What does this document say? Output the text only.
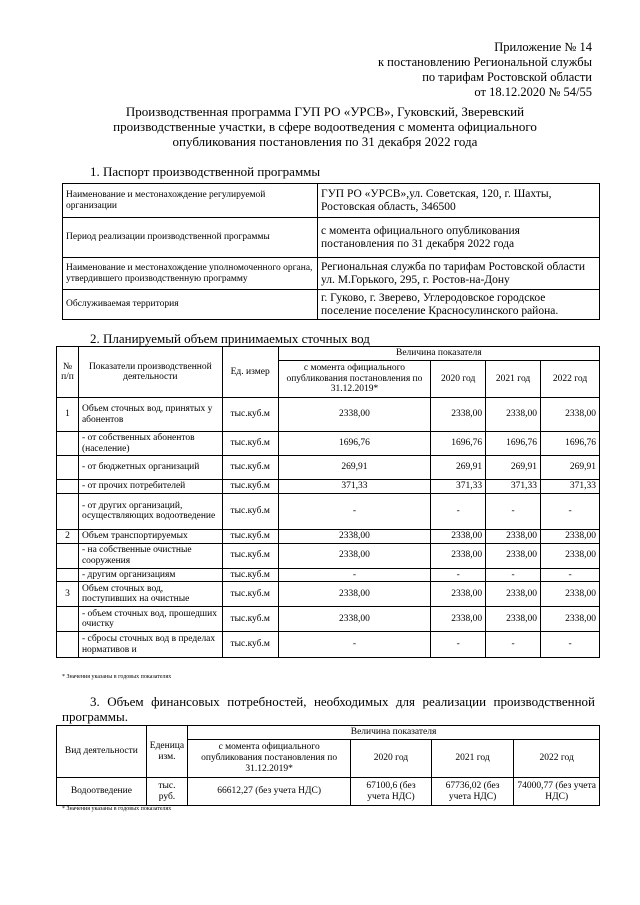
Приложение № 14
к постановлению Региональной службы
по тарифам Ростовской области
от 18.12.2020 № 54/55
Производственная программа ГУП РО «УРСВ», Гуковский, Зверевский производственные участки, в сфере водоотведения с момента официального опубликования постановления по 31 декабря 2022 года
1. Паспорт производственной программы
Наименование и местонахождение регулируемой организации	ГУП РО «УРСВ»,ул. Советская, 120, г. Шахты, Ростовская область, 346500
Период реализации производственной программы	с момента официального опубликования постановления по 31 декабря 2022 года
Наименование и местонахождение уполномоченного органа, утвердившего производственную программу	Региональная служба по тарифам Ростовской области ул. М.Горького, 295, г. Ростов-на-Дону
Обслуживаемая территория	г. Гуково, г. Зверево, Углеродовское городское поселение поселение Красносулинского района.
2. Планируемый объем принимаемых сточных вод
№ п/п	Показатели производственной деятельности	Ед. измер	Величина показателя			
			с момента официального опубликования постановления по 31.12.2019*	2020 год	2021 год	2022 год
1	Объем сточных вод, принятых у абонентов	тыс.куб.м	2338,00	2338,00	2338,00	2338,00
	- от собственных абонентов (население)	тыс.куб.м	1696,76	1696,76	1696,76	1696,76
	- от бюджетных организаций	тыс.куб.м	269,91	269,91	269,91	269,91
	- от прочих потребителей	тыс.куб.м	371,33	371,33	371,33	371,33
	- от других организаций, осуществляющих водоотведение	тыс.куб.м	-	-	-	-
2	Объем транспортируемых	тыс.куб.м	2338,00	2338,00	2338,00	2338,00
	- на собственные очистные сооружения	тыс.куб.м	2338,00	2338,00	2338,00	2338,00
	- другим организациям	тыс.куб.м	-	-	-	-
3	Объем сточных вод, поступивших на очистные	тыс.куб.м	2338,00	2338,00	2338,00	2338,00
	- объем сточных вод, прошедших очистку	тыс.куб.м	2338,00	2338,00	2338,00	2338,00
	- сбросы сточных вод в пределах нормативов и	тыс.куб.м	-	-	-	-
* Значения указаны в годовых показателях
3. Объем финансовых потребностей, необходимых для реализации производственной программы.
Вид деятельности	Еденица изм.	Величина показателя			
		с момента официального опубликования постановления по 31.12.2019*	2020 год	2021 год	2022 год
Водоотведение	тыс. руб.	66612,27 (без учета НДС)	67100,6 (без учета НДС)	67736,02 (без учета НДС)	74000,77 (без учета НДС)
* Значения указаны в годовых показателях
